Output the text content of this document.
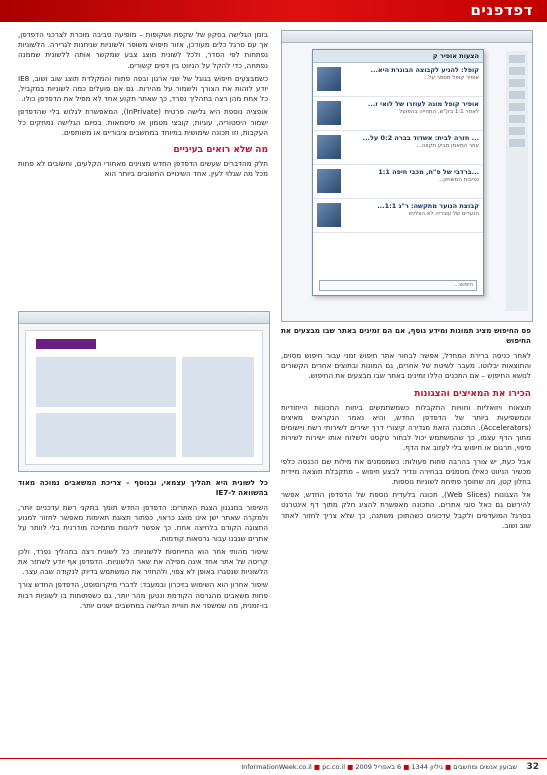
דפדפנים
הצעות אופיר ק
קופל: להגיע לקבוצה הבוגרת היא...
אופיר קופל מספר על...
אופיר קופל מונה לעוזרו של לואי ז...
לאחר 1:1 בק"ש, התחייה בהפועל
... חזרה לבית: אשדוד בברה 0:2 על...
עוזר המאמן מביע תקווה...
...ברדבי של פ"ת, מכבי חיפה 1:1
נסיבות המשחק...
קבוצת הנוער מתקשה: ר"ג 1:1...
הנערים של עובדיה לא הצליחו
חיפוש...
פס החיפוש מציג תמונות ומידע נוסף, אם הם זמינים באתר שבו מבצעים את החיפוש

לאחר כניסה ברירת המחדל, אפשר לבחור אתר חיפוש זמני עבור חיפוש מסוים, והתוצאות יבלוטו. מעבר לשיטת של אחרים, גם המונות ובתוצים אחרים הקשורים לנושא החיפוש – אם התכנים הללו זמינים באתר שבו מבצעים את החיפוש.

הכירו את המאיצים והצגונות

תוצאות ויזואליות וחוויות התקבלות כשמשתמשים ביחות התכונות הייחודיות והמשפיעות ביותר של הדפדפן החדש, והיא נאמר הנקראים מאיצים (Accelerators). התכונה הזאת מגדירה קיצורי דרך ישירים לשירותי רשת ויישומים מתוך הדף עצמו, כך שהמשתמש יכול לבחור טקסט ולשלוח אותו ישירות לשירות מיפוי, תרגום או חיפוש בלי לעזוב את הדף.

אבל כעת, יש צורך בהרבה פחות פעולות: כשמסמנים את מילות שם הכנסה כלפי מכשיר הניווט כאילו מסמנים בבחירה ונדיר לבצע חיפוש – מתקבלת תוצאה מיידית בחלון קטן, מה שחוסך פתיחת לשוניות נוספות.

אל הצגונות (Web Slices), תכונה בלעדית נוספת של הדפדפן החדש, אפשר להירשם גם כאל סוגי אתרים. התכונה מאפשרת להציג חלק מתוך דף אינטרנט בסרגל המועדפים ולקבל עדכונים כשהתוכן משתנה, כך שלא צריך לחזור לאתר שוב ושוב.

בזמן הגלישה בסקון של שקפת ושקופות – מופיעה סביבה מוכרת לצרכני הדפדפן, אך עם סרגל כלים מעודכן, אזור חיפוש משופר ולשוניות שניתנות לגרירה. הלשוניות נפתחות לפי הסדר, ולכל לשונית מוצג צבע שמקשר אותה ללשונית שממנה נפתחה, כדי להקל על הניווט בין דפים קשורים.

כשמבצעים חיפוש בגוגל של שני ארגון ובפה פתוח והמקלדת תוצג שוב ושוב, IE8 יודע לזהות את הצורך ולשמור על מהירות. גם אם פועלים כמה לשוניות במקביל, כל אחת מהן רצה בתהליך נפרד, כך שאתר תקוע אחד לא מפיל את הדפדפן כולו.

אופציה נוספת היא גלישה פרטית (InPrivate), המאפשרת לגלוש בלי שהדפדפן ישמור היסטוריה, עוגיות, קובצי מטמון או סיסמאות. בסיום הגלישה נמחקים כל העקבות, וזו תכונה שימושית במיוחד במחשבים ציבוריים או משותפים.

מה שלא רואים בעיניים

חלק מהדברים שעשים הדפדפן החדש מצוינים מאחורי הקלעים, וחשובים לא פחות מכל מה שגלוי לעין. אחד השינויים החשובים ביותר הוא

כל לשונית היא תהליך עצמאי, ובנוסף – צריכת המשאבים נמוכה מאוד בהשוואה ל-IE7

השיפור במנגנון הצגת האתרים: הדפדפן החדש תומך בתקני רשת עדכניים יותר, ולמקרה שאתר ישן אינו מוצג כראוי, כפתור תצוגת תאימות מאפשר לחזור למנוע התצוגה הקודם בלחיצה אחת. כך אפשר ליהנות מתמיכה מודרנית בלי לוותר על אתרים שנבנו עבור גרסאות קודמות.

שיפור מהותי אחר הוא התייחסות ללשוניות: כל לשונית רצה בתהליך נפרד, ולכן קריסה של אתר אחד אינה מפילה את שאר הלשוניות. הדפדפן אף יודע לשחזר את הלשוניות שנסגרו באופן לא צפוי, ולהחזיר את המשתמש בדיוק לנקודה שבה עצר.

שיפור אחרון הוא השימוש בזיכרון ובמעבד: לדברי מיקרוסופט, הדפדפן החדש צורך פחות משאבים מהגרסה הקודמת ונטען מהר יותר, גם כשפתוחות בו לשוניות רבות בו-זמנית, מה שמשפר את חוויית הגלישה במחשבים ישנים יותר.

32
שבועון אנשים ומחשבים ■ גיליון 1344 ■ 6 באפריל 2009 ■ InformationWeek.co.il ■ pc.co.il
